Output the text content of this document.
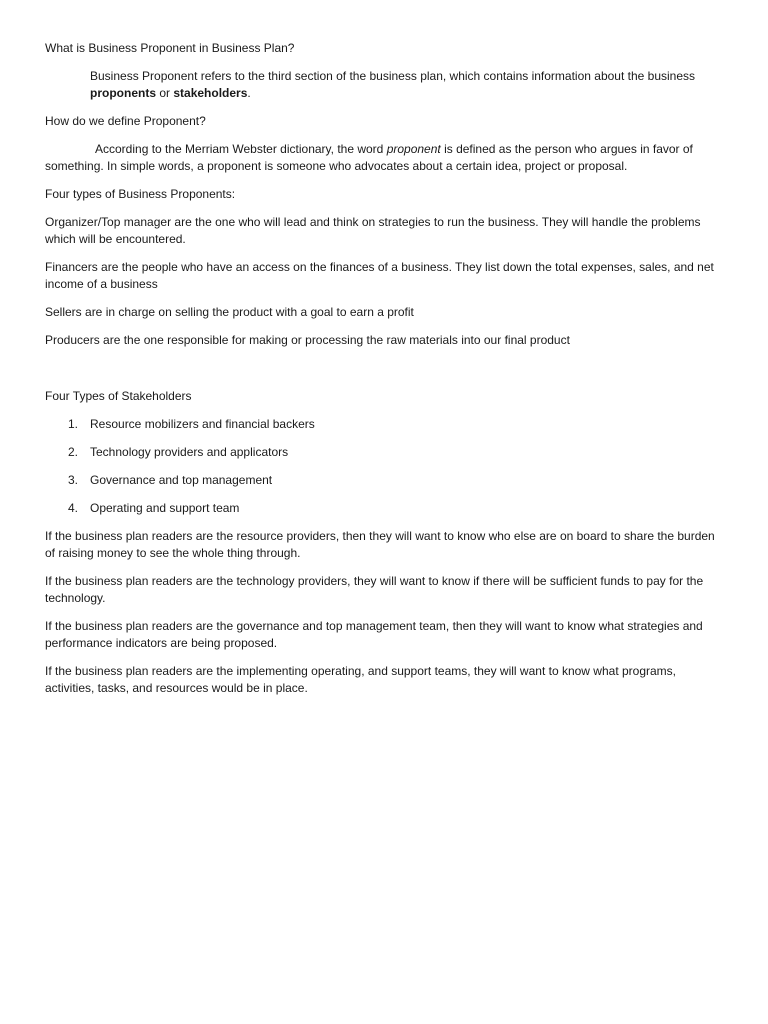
What is Business Proponent in Business Plan?

Business Proponent refers to the third section of the business plan, which contains information about the business proponents or stakeholders.

How do we define Proponent?

According to the Merriam Webster dictionary, the word proponent is defined as the person who argues in favor of something. In simple words, a proponent is someone who advocates about a certain idea, project or proposal.

Four types of Business Proponents:

Organizer/Top manager are the one who will lead and think on strategies to run the business. They will handle the problems which will be encountered.

Financers are the people who have an access on the finances of a business. They list down the total expenses, sales, and net income of a business

Sellers are in charge on selling the product with a goal to earn a profit

Producers are the one responsible for making or processing the raw materials into our final product

Four Types of Stakeholders

1. Resource mobilizers and financial backers
2. Technology providers and applicators
3. Governance and top management
4. Operating and support team

If the business plan readers are the resource providers, then they will want to know who else are on board to share the burden of raising money to see the whole thing through.

If the business plan readers are the technology providers, they will want to know if there will be sufficient funds to pay for the technology.

If the business plan readers are the governance and top management team, then they will want to know what strategies and performance indicators are being proposed.

If the business plan readers are the implementing operating, and support teams, they will want to know what programs, activities, tasks, and resources would be in place.
